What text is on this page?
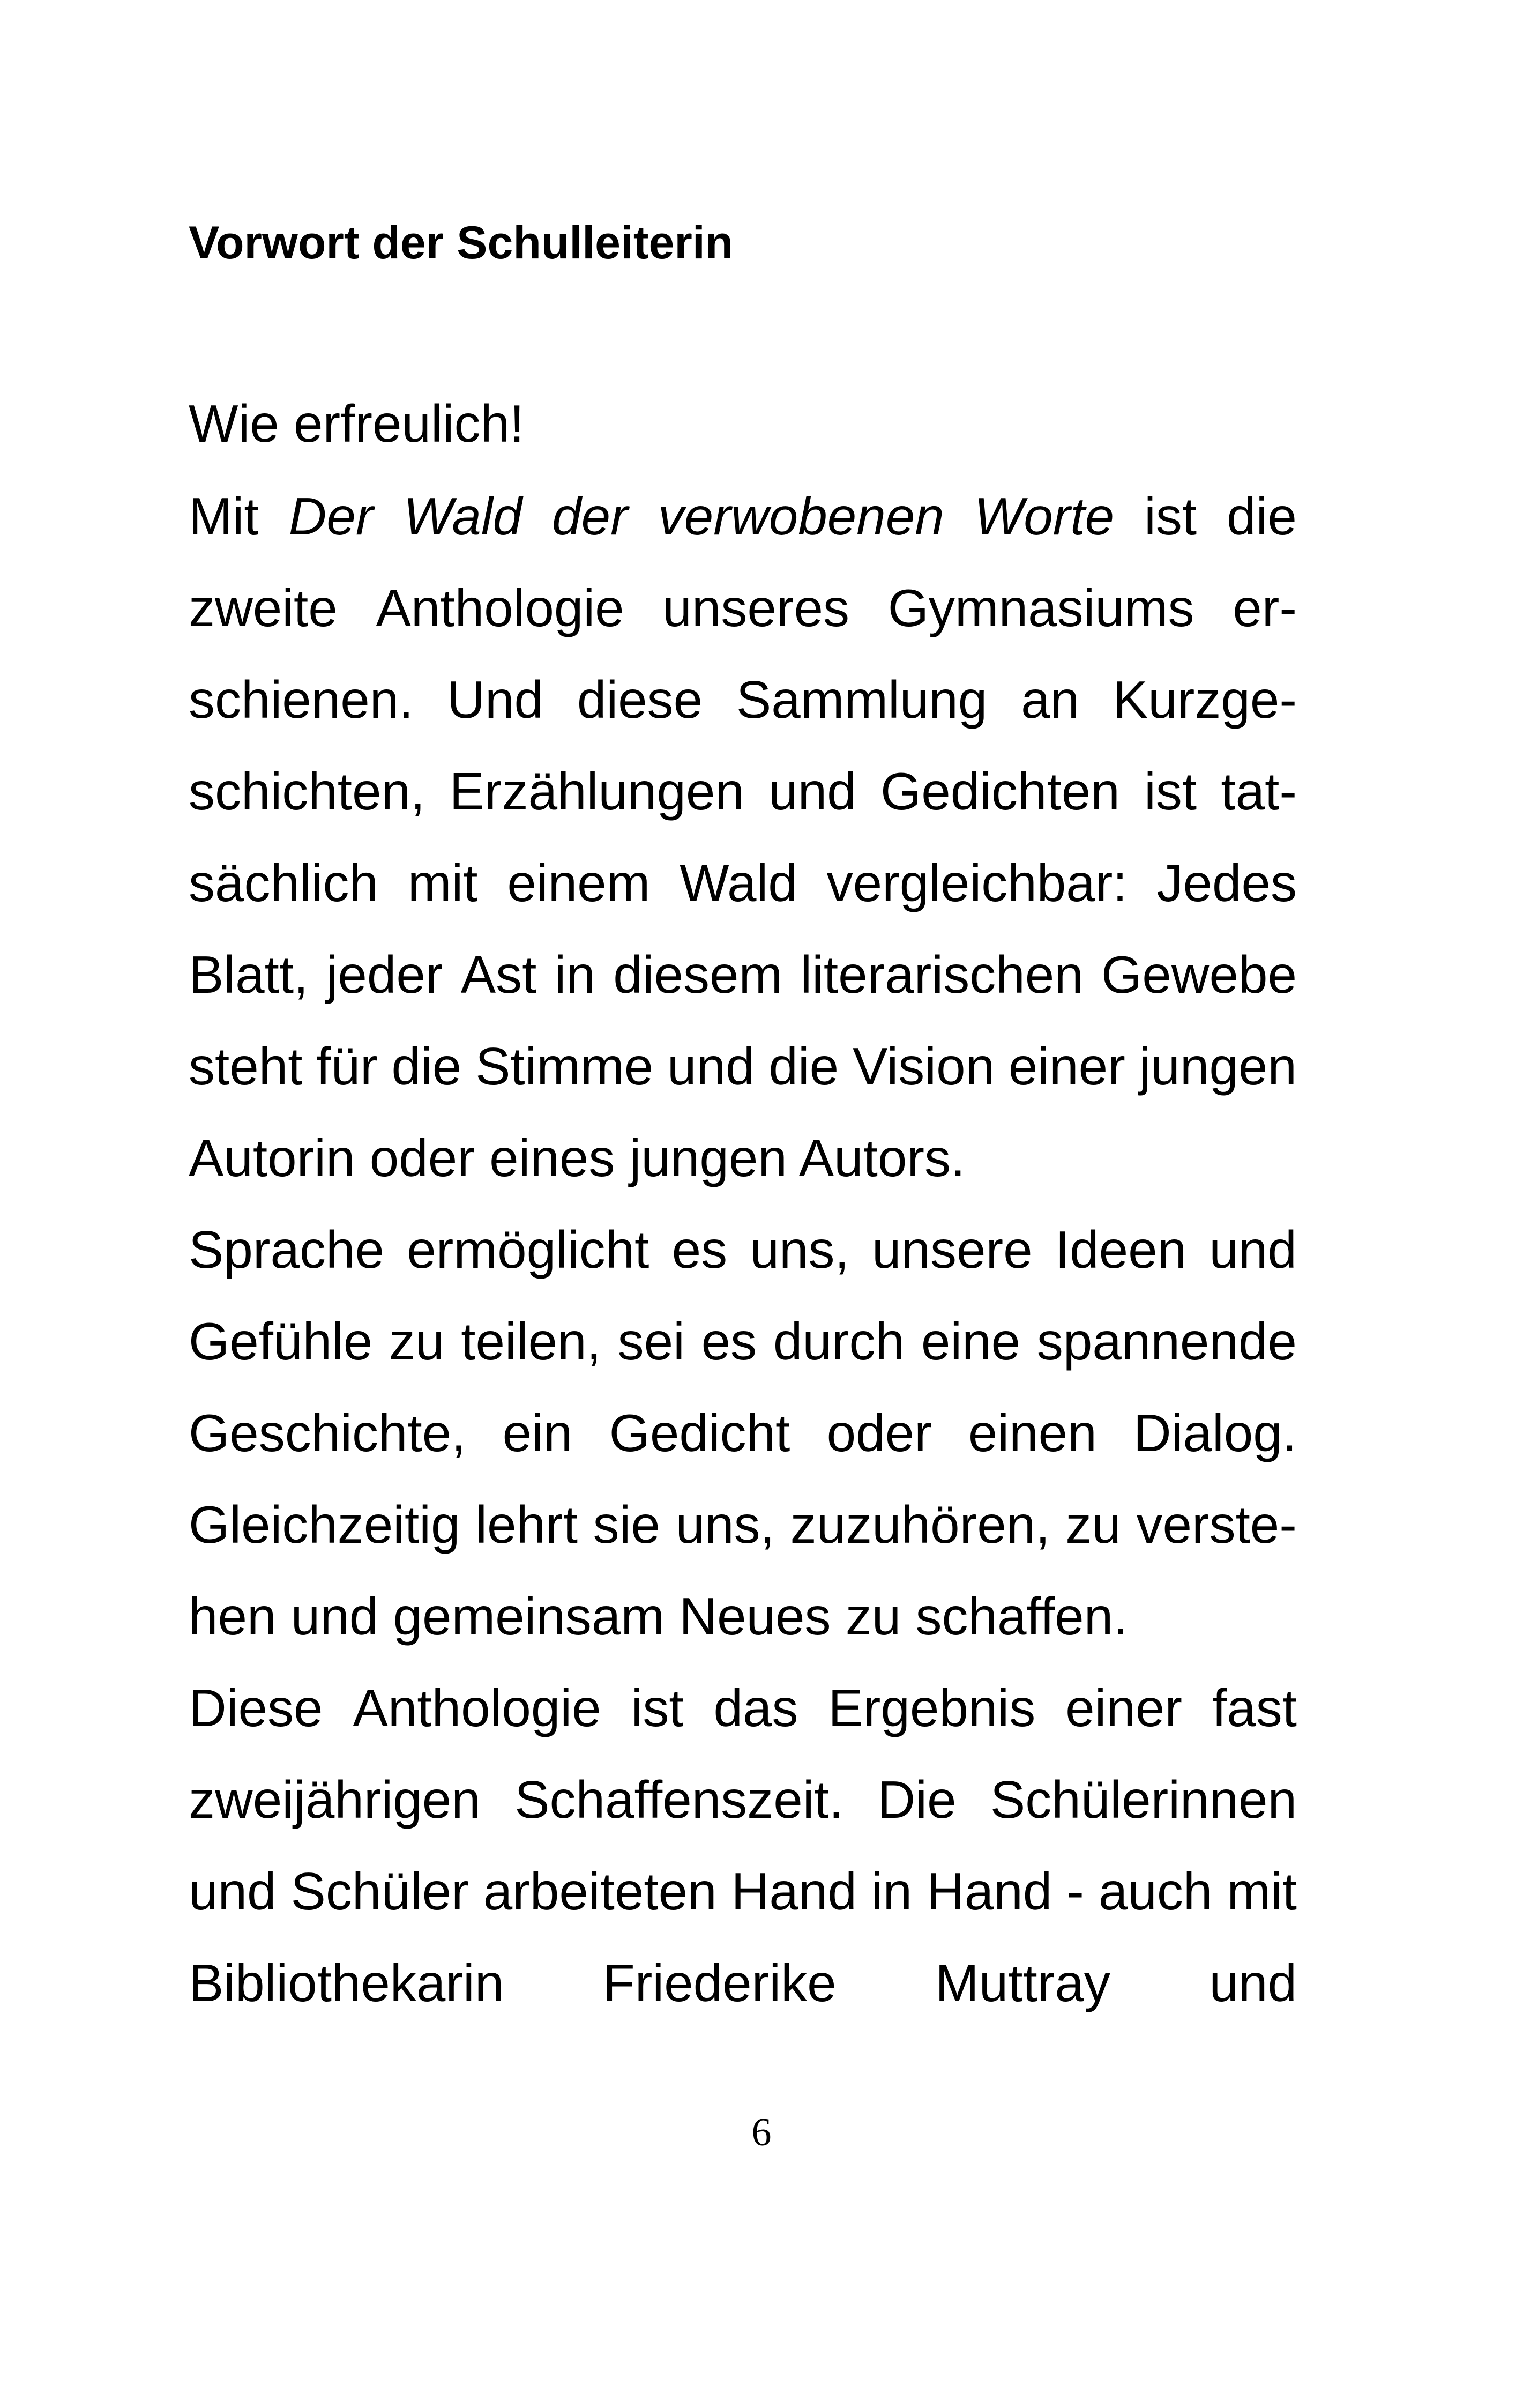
Vorwort der Schulleiterin
Wie erfreulich!
Mit Der Wald der verwobenen Worte ist die
zweite Anthologie unseres Gymnasiums er-
schienen. Und diese Sammlung an Kurzge-
schichten, Erzählungen und Gedichten ist tat-
sächlich mit einem Wald vergleichbar: Jedes
Blatt, jeder Ast in diesem literarischen Gewebe
steht für die Stimme und die Vision einer jungen
Autorin oder eines jungen Autors.
Sprache ermöglicht es uns, unsere Ideen und
Gefühle zu teilen, sei es durch eine spannende
Geschichte, ein Gedicht oder einen Dialog.
Gleichzeitig lehrt sie uns, zuzuhören, zu verste-
hen und gemeinsam Neues zu schaffen.
Diese Anthologie ist das Ergebnis einer fast
zweijährigen Schaffenszeit. Die Schülerinnen
und Schüler arbeiteten Hand in Hand - auch mit
Bibliothekarin Friederike Muttray und
6
